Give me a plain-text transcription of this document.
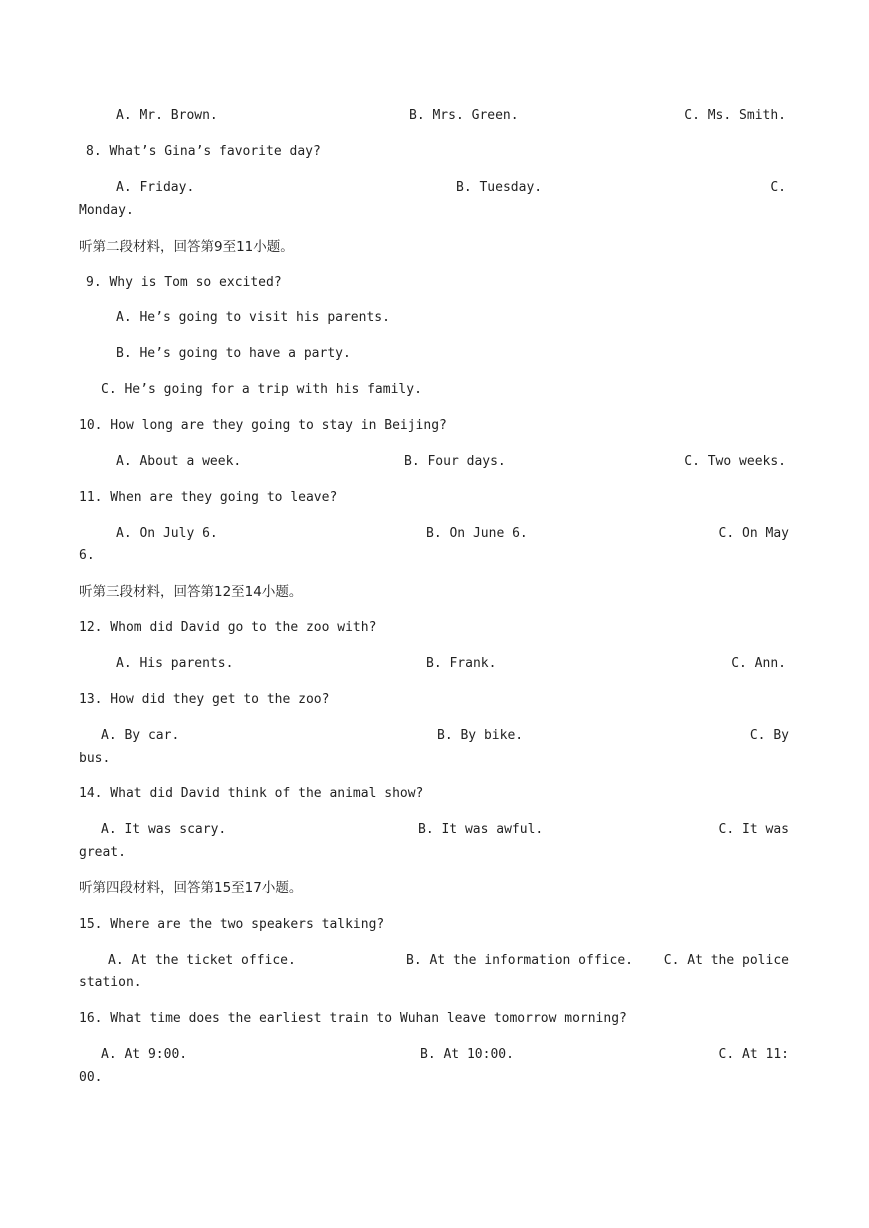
A. Mr. Brown.	B. Mrs. Green.	C. Ms. Smith.
8. What’s Gina’s favorite day?
A. Friday.	B. Tuesday.	C.
Monday.
听第二段材料，回答第9至11小题。
9. Why is Tom so excited?
A. He’s going to visit his parents.
B. He’s going to have a party.
C. He’s going for a trip with his family.
10. How long are they going to stay in Beijing?
A. About a week.	B. Four days.	C. Two weeks.
11. When are they going to leave?
A. On July 6.	B. On June 6.	C. On May
6.
听第三段材料，回答第12至14小题。
12. Whom did David go to the zoo with?
A. His parents.	B. Frank.	C. Ann.
13. How did they get to the zoo?
A. By car.	B. By bike.	C. By
bus.
14. What did David think of the animal show?
A. It was scary.	B. It was awful.	C. It was
great.
听第四段材料，回答第15至17小题。
15. Where are the two speakers talking?
A. At the ticket office.	B. At the information office. C. At the police
station.
16. What time does the earliest train to Wuhan leave tomorrow morning?
A. At 9:00.	B. At 10:00.	C. At 11:
00.
